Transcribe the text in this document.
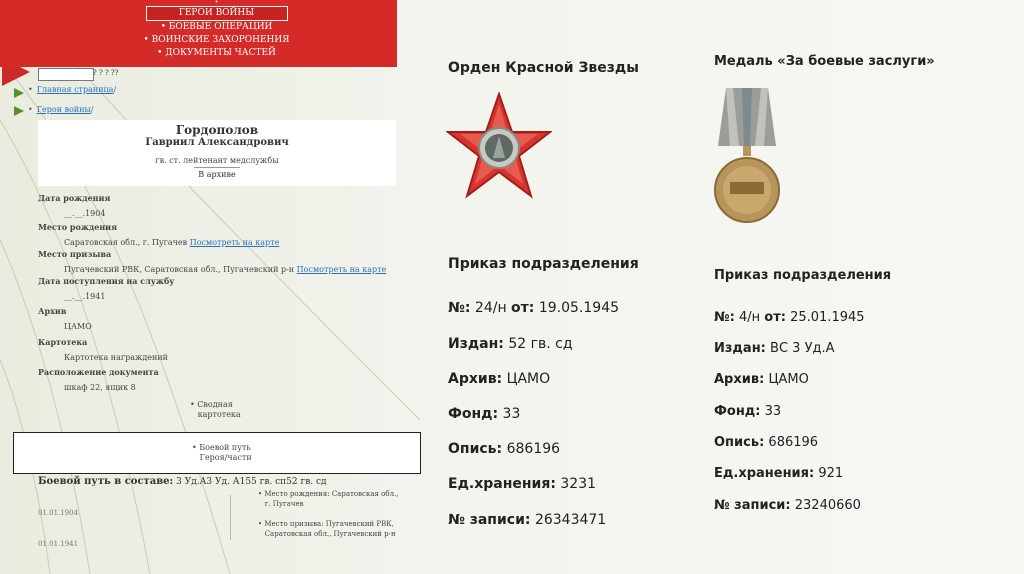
•
ГЕРОИ ВОЙНЫ
• БОЕВЫЕ ОПЕРАЦИИ
• ВОИНСКИЕ ЗАХОРОНЕНИЯ
• ДОКУМЕНТЫ ЧАСТЕЙ
? ? ? ??
• Главная страница/
• Герои войны/
Гордополов
Гавриил Александрович
гв. ст. лейтенант медслужбы
В архиве
Дата рождения
__.__.1904
Место рождения
Саратовская обл., г. Пугачев Посмотреть на карте
Место призыва
Пугачевский РВК, Саратовская обл., Пугачевский р-н Посмотреть на карте
Дата поступления на службу
__.__.1941
Архив
ЦАМО
Картотека
Картотека награждений
Расположение документа
шкаф 22, ящик 8
• Сводная
картотека
• Боевой путь
Героя/части
Боевой путь в составе: 3 Уд.А3 Уд. А155 гв. сп52 гв. сд
01.01.1904
01.01.1941
• Место рождения: Саратовская обл.,
г. Пугачев
• Место призыва: Пугачевский РВК,
Саратовская обл., Пугачевский р-н
Орден Красной Звезды
Приказ подразделения
№: 24/н от: 19.05.1945
Издан: 52 гв. сд
Архив: ЦАМО
Фонд: 33
Опись: 686196
Ед.хранения: 3231
№ записи: 26343471
Медаль «За боевые заслуги»
Приказ подразделения
№: 4/н от: 25.01.1945
Издан: ВС 3 Уд.А
Архив: ЦАМО
Фонд: 33
Опись: 686196
Ед.хранения: 921
№ записи: 23240660
